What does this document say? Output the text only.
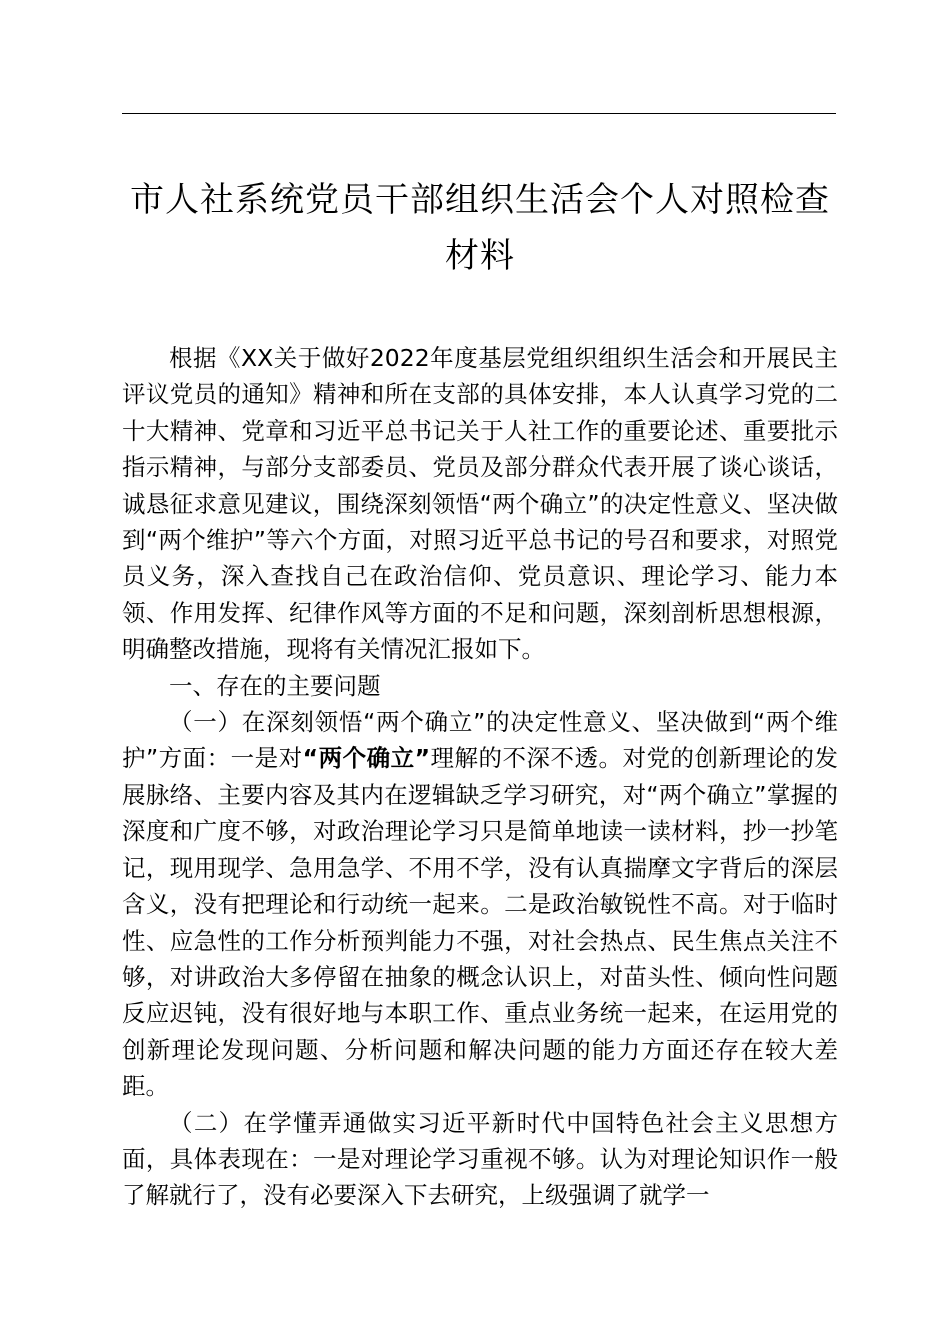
市人社系统党员干部组织生活会个人对照检查
材料

根据《XX关于做好2022年度基层党组织组织生活会和开展民主评议党员的通知》精神和所在支部的具体安排，本人认真学习党的二十大精神、党章和习近平总书记关于人社工作的重要论述、重要批示指示精神，与部分支部委员、党员及部分群众代表开展了谈心谈话，诚恳征求意见建议，围绕深刻领悟“两个确立”的决定性意义、坚决做到“两个维护”等六个方面，对照习近平总书记的号召和要求，对照党员义务，深入查找自己在政治信仰、党员意识、理论学习、能力本领、作用发挥、纪律作风等方面的不足和问题，深刻剖析思想根源，明确整改措施，现将有关情况汇报如下。

一、存在的主要问题

（一）在深刻领悟“两个确立”的决定性意义、坚决做到“两个维护”方面：一是对“两个确立”理解的不深不透。对党的创新理论的发展脉络、主要内容及其内在逻辑缺乏学习研究，对“两个确立”掌握的深度和广度不够，对政治理论学习只是简单地读一读材料，抄一抄笔记，现用现学、急用急学、不用不学，没有认真揣摩文字背后的深层含义，没有把理论和行动统一起来。二是政治敏锐性不高。对于临时性、应急性的工作分析预判能力不强，对社会热点、民生焦点关注不够，对讲政治大多停留在抽象的概念认识上，对苗头性、倾向性问题反应迟钝，没有很好地与本职工作、重点业务统一起来，在运用党的创新理论发现问题、分析问题和解决问题的能力方面还存在较大差距。

（二）在学懂弄通做实习近平新时代中国特色社会主义思想方面，具体表现在：一是对理论学习重视不够。认为对理论知识作一般了解就行了，没有必要深入下去研究，上级强调了就学一
